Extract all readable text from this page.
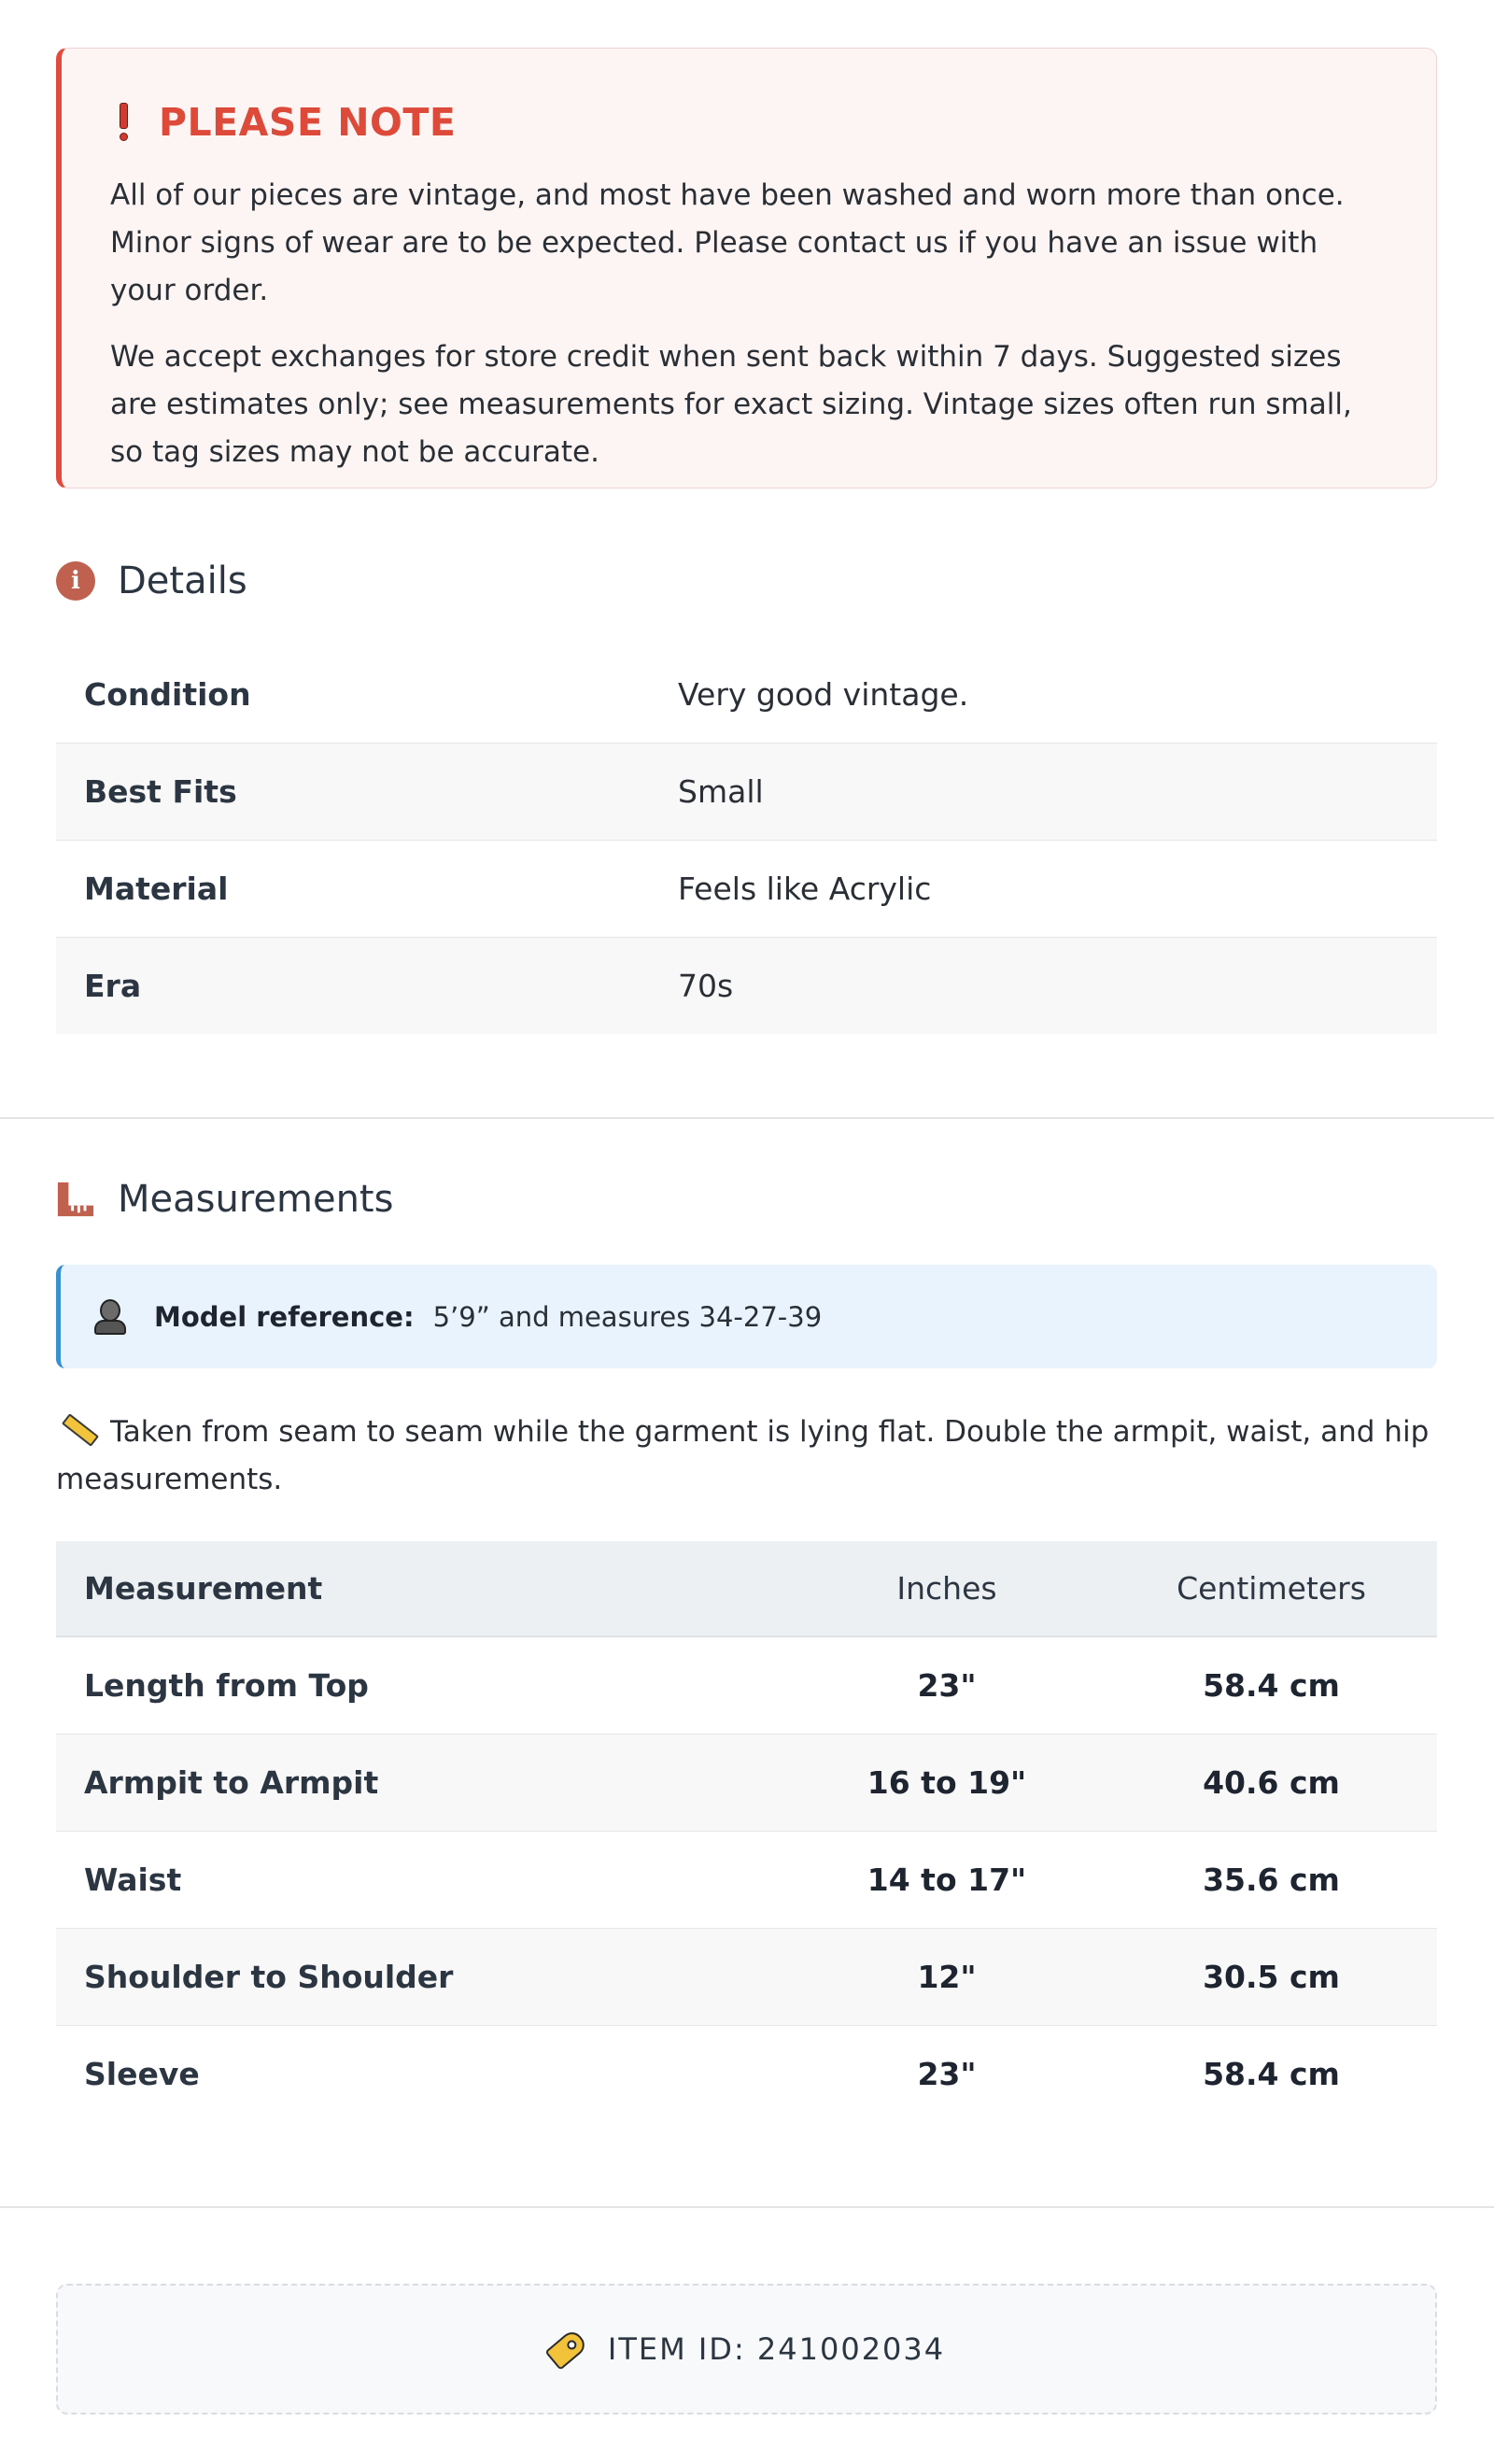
PLEASE NOTE

All of our pieces are vintage, and most have been washed and worn more than once. Minor signs of wear are to be expected. Please contact us if you have an issue with your order.

We accept exchanges for store credit when sent back within 7 days. Suggested sizes are estimates only; see measurements for exact sizing. Vintage sizes often run small, so tag sizes may not be accurate.

i	Details
Condition	Very good vintage.
Best Fits	Small
Material	Feels like Acrylic
Era	70s
Measurements
Model reference: 5’9” and measures 34-27-39
Taken from seam to seam while the garment is lying flat. Double the armpit, waist, and hip measurements.
Measurement	Inches	Centimeters
Length from Top	23"	58.4 cm
Armpit to Armpit	16 to 19"	40.6 cm
Waist	14 to 17"	35.6 cm
Shoulder to Shoulder	12"	30.5 cm
Sleeve	23"	58.4 cm
ITEM ID: 241002034
